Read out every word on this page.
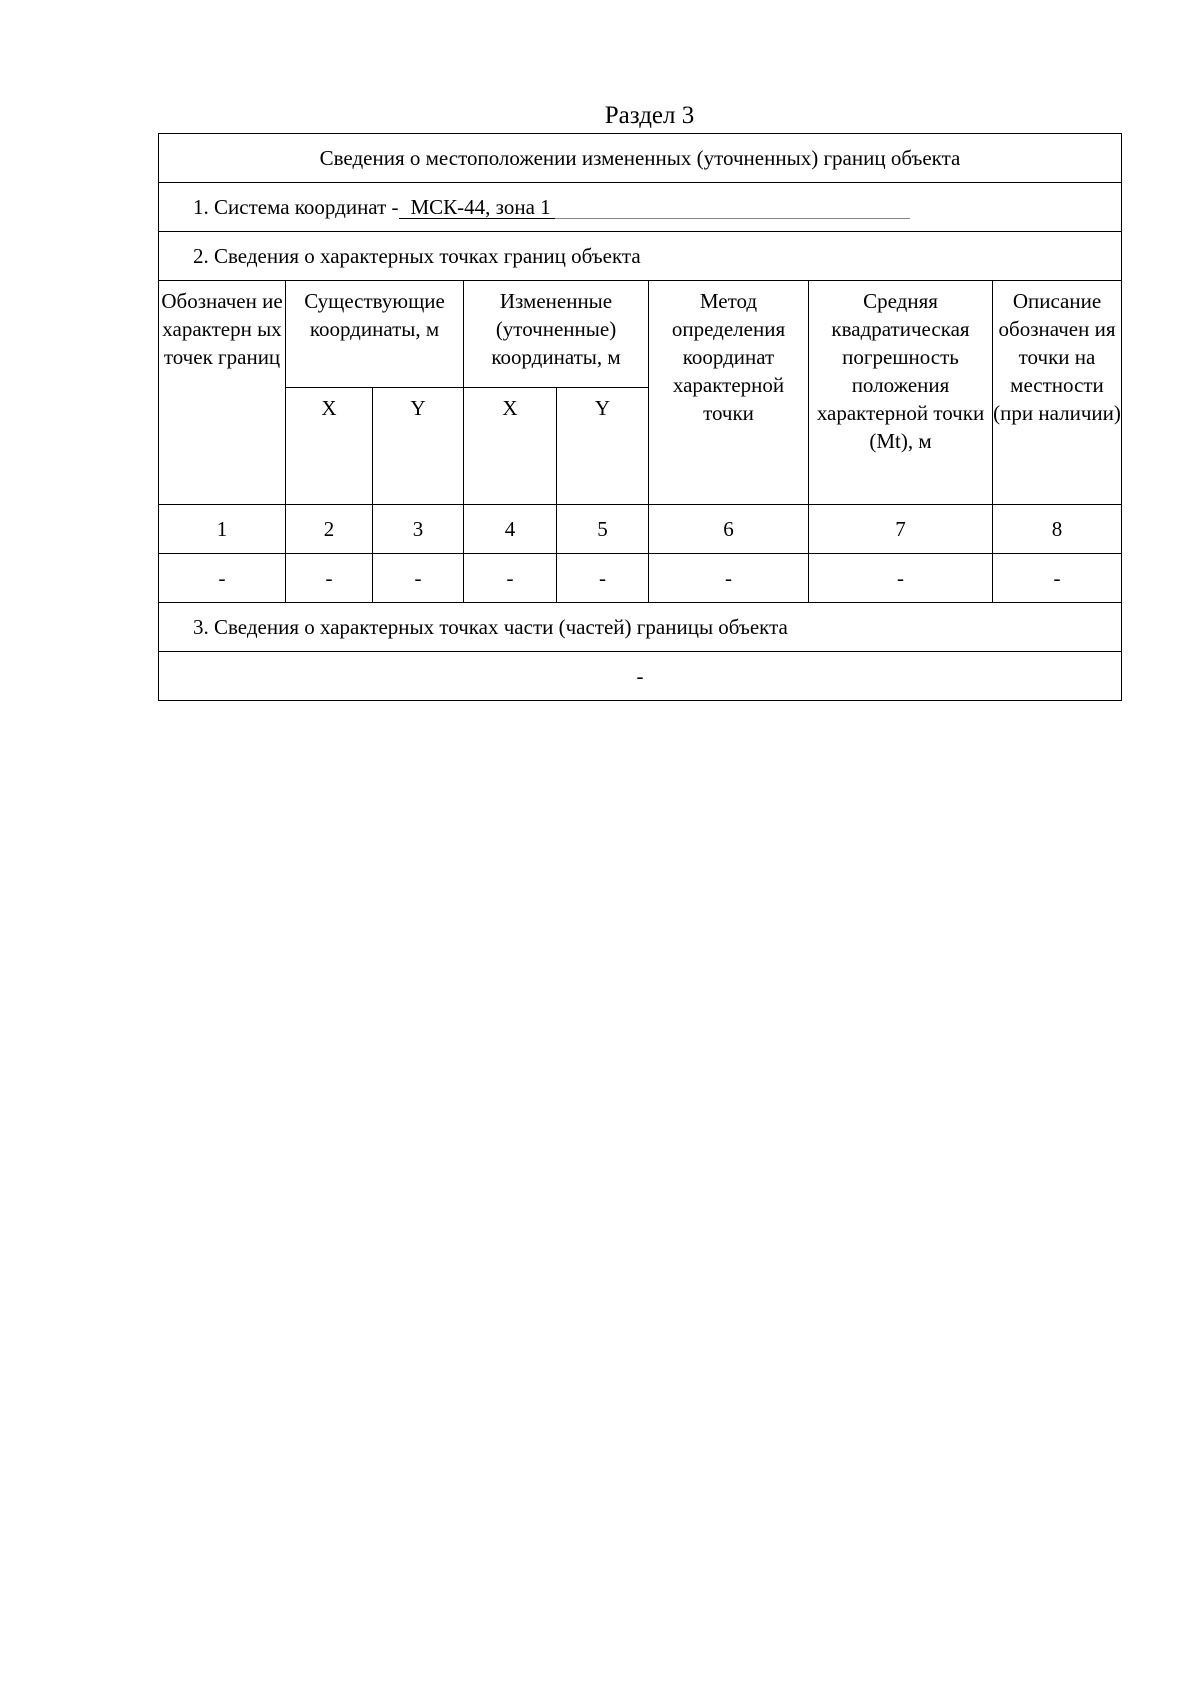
Раздел 3
Сведения о местоположении измененных (уточненных) границ объекта							
1. Система координат - МСК-44, зона 1							
2. Сведения о характерных точках границ объекта							
Обозначен ие характерн ых точек границ	Существующие координаты, м		Измененные (уточненные) координаты, м		Метод определения координат характерной точки	Средняя квадратическая погрешность положения характерной точки (Mt), м	Описание обозначен ия точки на местности (при наличии)
	X	Y	X	Y			
1	2	3	4	5	6	7	8
-	-	-	-	-	-	-	-
3. Сведения о характерных точках части (частей) границы объекта							
-							
